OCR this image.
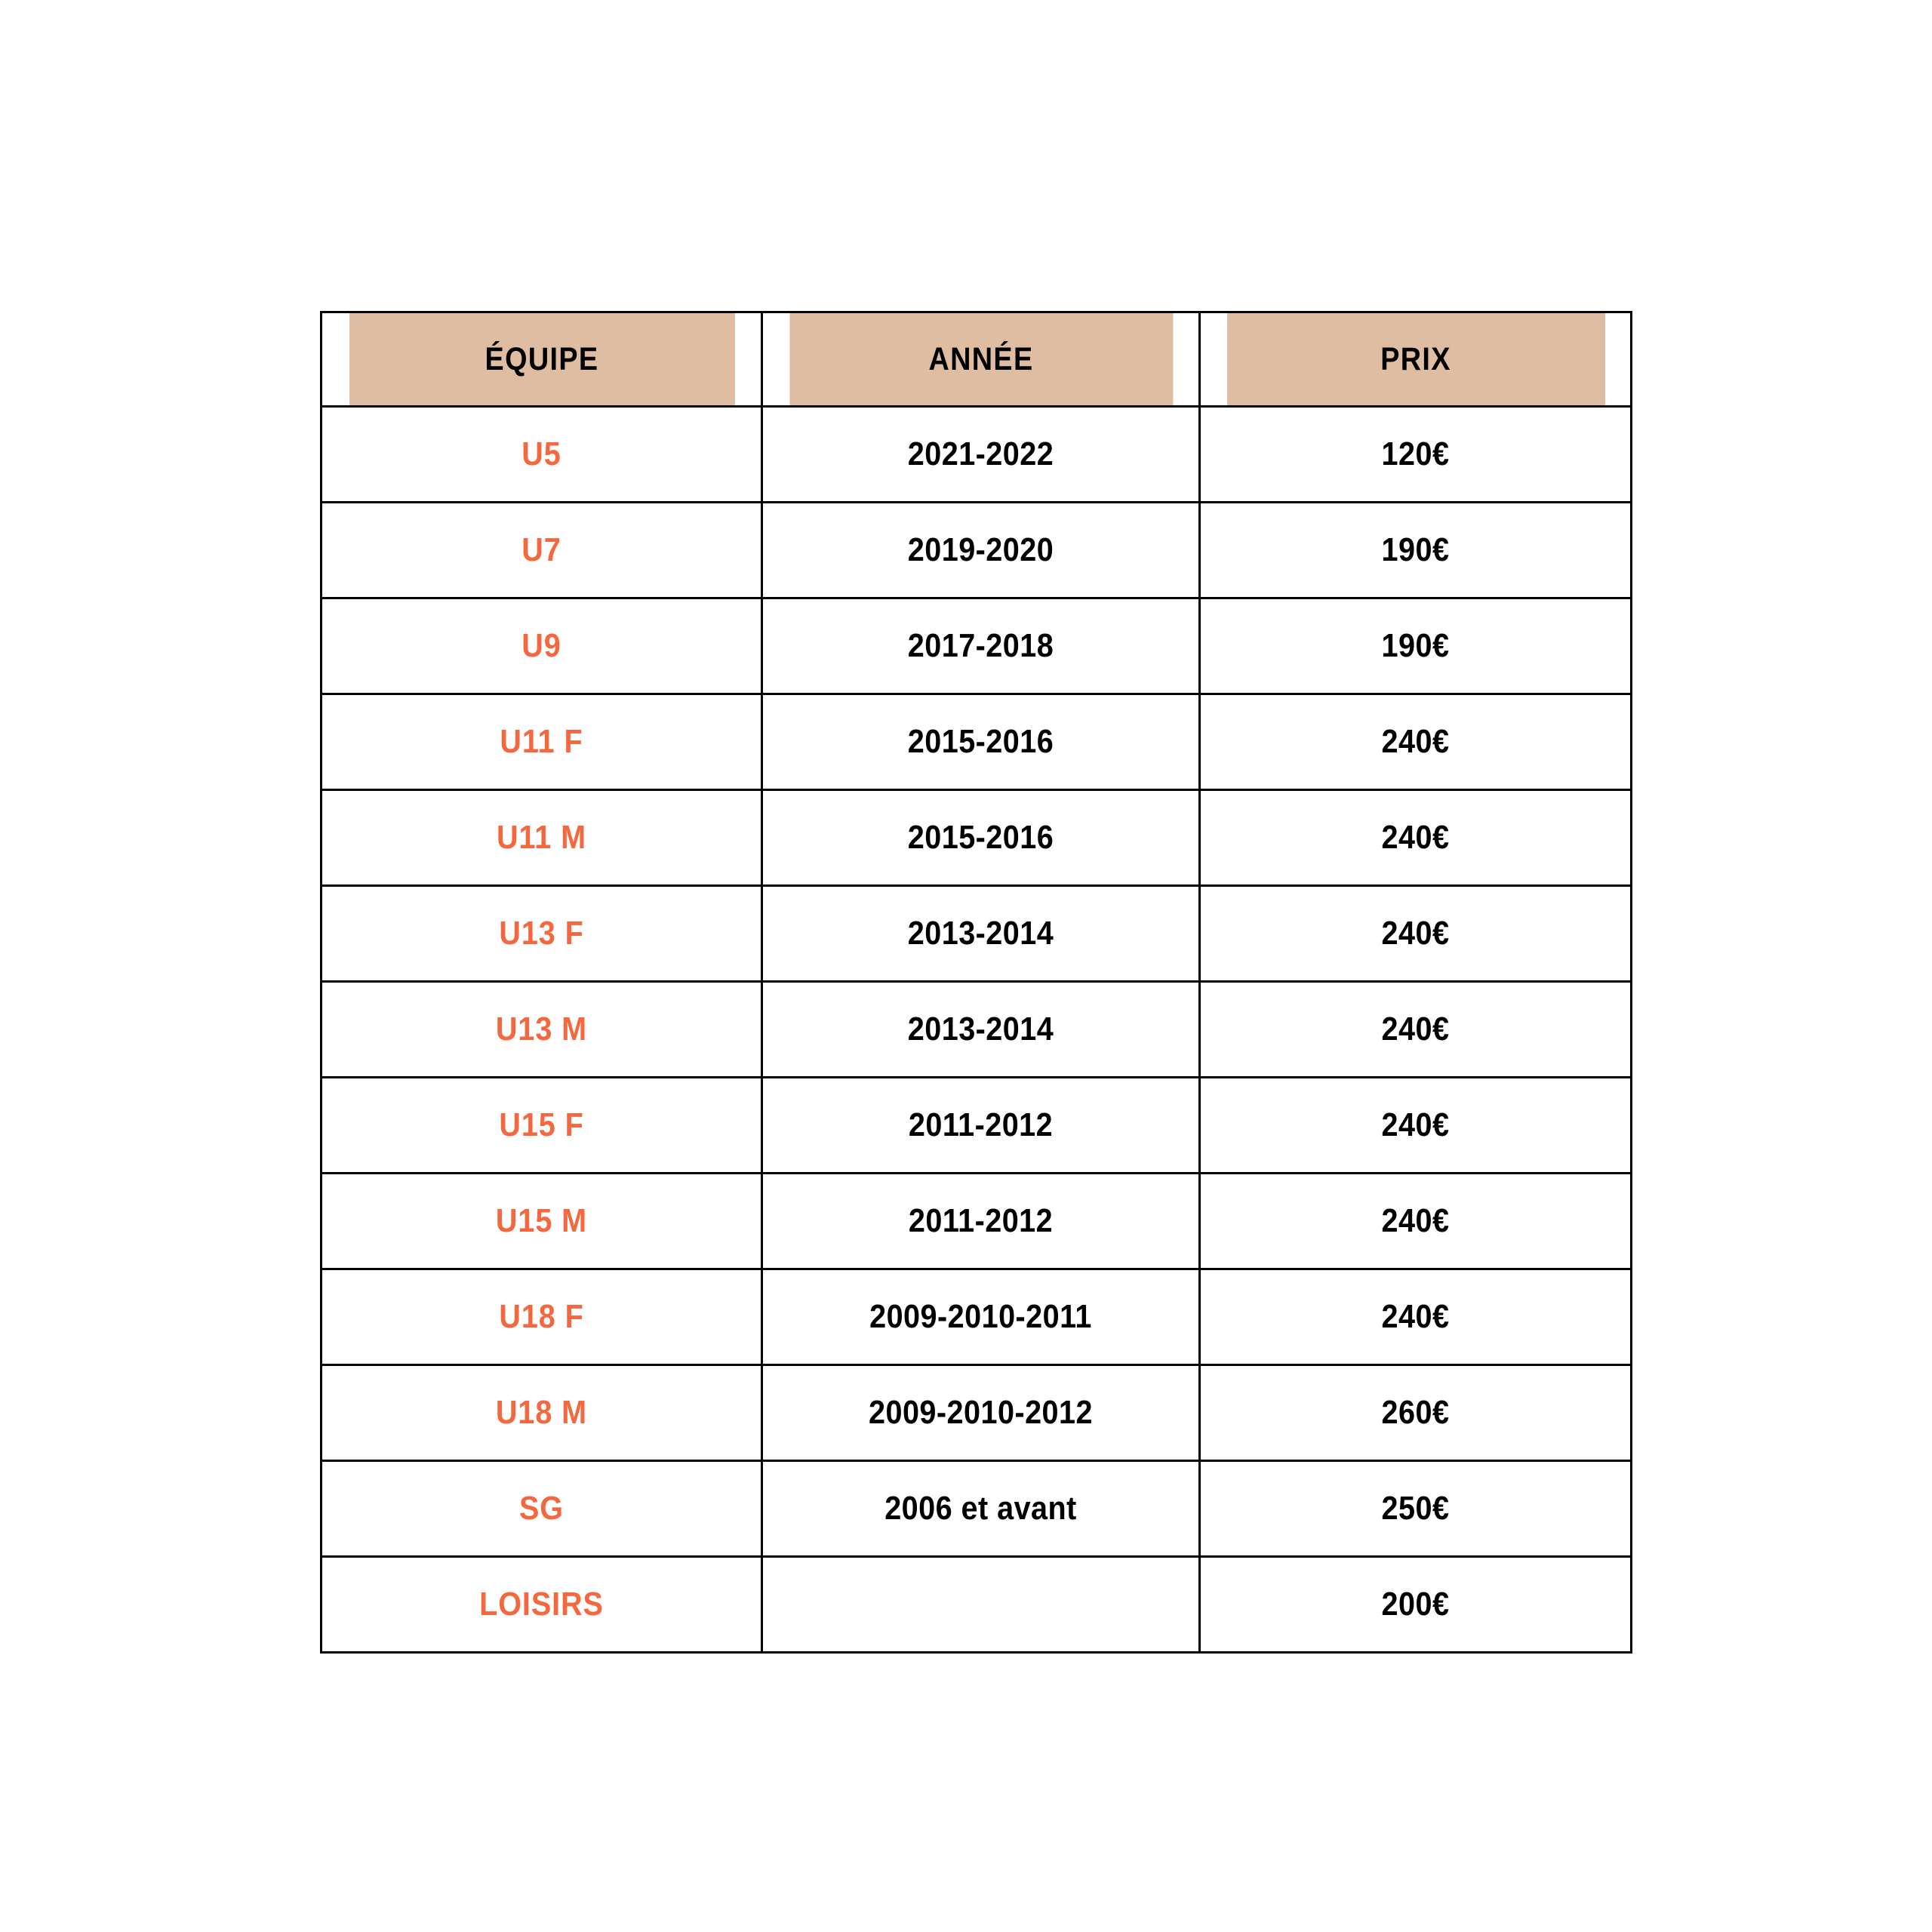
ÉQUIPE	ANNÉE	PRIX

U5	2021-2022	120€

U7	2019-2020	190€

U9	2017-2018	190€

U11 F	2015-2016	240€

U11 M	2015-2016	240€

U13 F	2013-2014	240€

U13 M	2013-2014	240€

U15 F	2011-2012	240€

U15 M	2011-2012	240€

U18 F	2009-2010-2011	240€

U18 M	2009-2010-2012	260€

SG	2006 et avant	250€

LOISIRS		200€
